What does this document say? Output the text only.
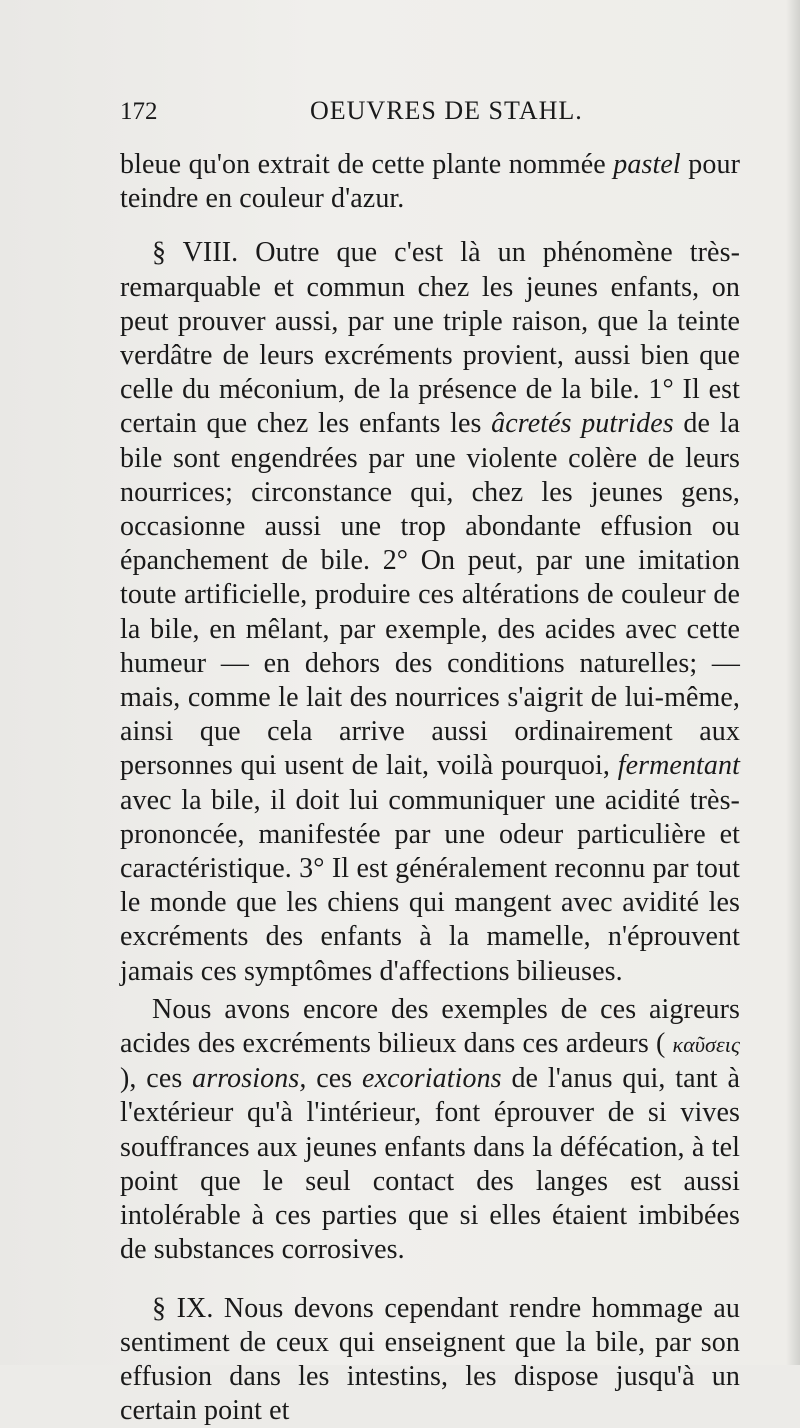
172	OEUVRES DE STAHL.

bleue qu'on extrait de cette plante nommée pastel pour teindre en couleur d'azur.

§ VIII. Outre que c'est là un phénomène très-remarquable et commun chez les jeunes enfants, on peut prouver aussi, par une triple raison, que la teinte verdâtre de leurs excréments provient, aussi bien que celle du méconium, de la présence de la bile. 1° Il est certain que chez les enfants les âcretés putrides de la bile sont engendrées par une violente colère de leurs nourrices; circonstance qui, chez les jeunes gens, occasionne aussi une trop abondante effusion ou épanchement de bile. 2° On peut, par une imitation toute artificielle, produire ces altérations de couleur de la bile, en mêlant, par exemple, des acides avec cette humeur — en dehors des conditions naturelles; — mais, comme le lait des nourrices s'aigrit de lui-même, ainsi que cela arrive aussi ordinairement aux personnes qui usent de lait, voilà pourquoi, fermentant avec la bile, il doit lui communiquer une acidité très-prononcée, manifestée par une odeur particulière et caractéristique. 3° Il est généralement reconnu par tout le monde que les chiens qui mangent avec avidité les excréments des enfants à la mamelle, n'éprouvent jamais ces symptômes d'affections bilieuses.

Nous avons encore des exemples de ces aigreurs acides des excréments bilieux dans ces ardeurs ( καῦσεις ), ces arrosions, ces excoriations de l'anus qui, tant à l'extérieur qu'à l'intérieur, font éprouver de si vives souffrances aux jeunes enfants dans la défécation, à tel point que le seul contact des langes est aussi intolérable à ces parties que si elles étaient imbibées de substances corrosives.

§ IX. Nous devons cependant rendre hommage au sentiment de ceux qui enseignent que la bile, par son effusion dans les intestins, les dispose jusqu'à un certain point et
